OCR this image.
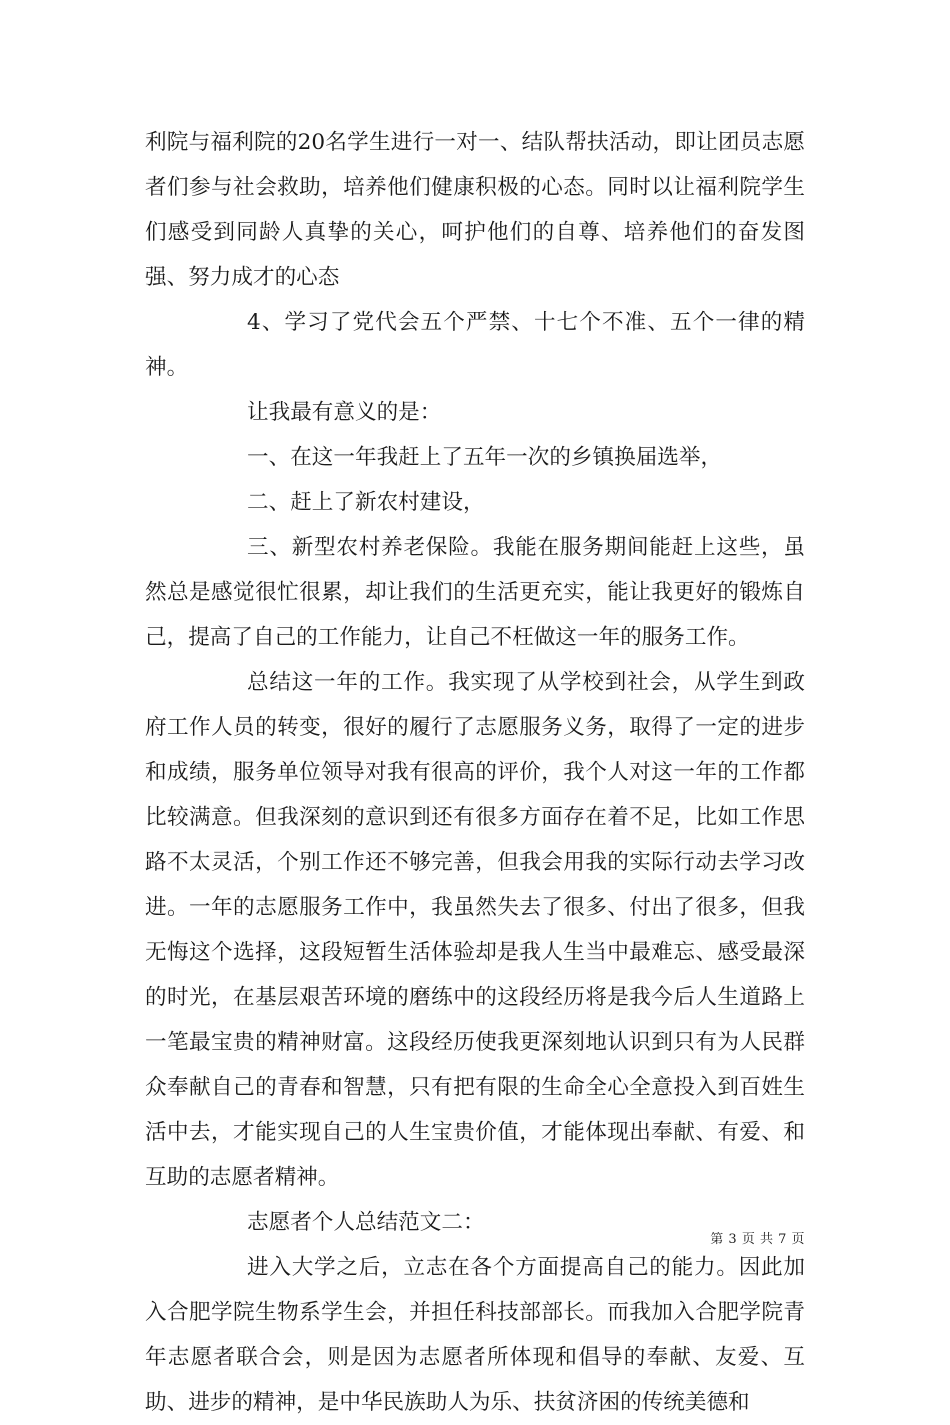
利院与福利院的20名学生进行一对一、结队帮扶活动，即让团员志愿者们参与社会救助，培养他们健康积极的心态。同时以让福利院学生们感受到同龄人真挚的关心，呵护他们的自尊、培养他们的奋发图强、努力成才的心态

4、学习了党代会五个严禁、十七个不准、五个一律的精神。

让我最有意义的是：

一、在这一年我赶上了五年一次的乡镇换届选举，

二、赶上了新农村建设，

三、新型农村养老保险。我能在服务期间能赶上这些，虽然总是感觉很忙很累，却让我们的生活更充实，能让我更好的锻炼自己，提高了自己的工作能力，让自己不枉做这一年的服务工作。

总结这一年的工作。我实现了从学校到社会，从学生到政府工作人员的转变，很好的履行了志愿服务义务，取得了一定的进步和成绩，服务单位领导对我有很高的评价，我个人对这一年的工作都比较满意。但我深刻的意识到还有很多方面存在着不足，比如工作思路不太灵活，个别工作还不够完善，但我会用我的实际行动去学习改进。一年的志愿服务工作中，我虽然失去了很多、付出了很多，但我无悔这个选择，这段短暂生活体验却是我人生当中最难忘、感受最深的时光，在基层艰苦环境的磨练中的这段经历将是我今后人生道路上一笔最宝贵的精神财富。这段经历使我更深刻地认识到只有为人民群众奉献自己的青春和智慧，只有把有限的生命全心全意投入到百姓生活中去，才能实现自己的人生宝贵价值，才能体现出奉献、有爱、和互助的志愿者精神。

志愿者个人总结范文二：

进入大学之后，立志在各个方面提高自己的能力。因此加入合肥学院生物系学生会，并担任科技部部长。而我加入合肥学院青年志愿者联合会，则是因为志愿者所体现和倡导的奉献、友爱、互助、进步的精神，是中华民族助人为乐、扶贫济困的传统美德和

第 3 页 共 7 页
